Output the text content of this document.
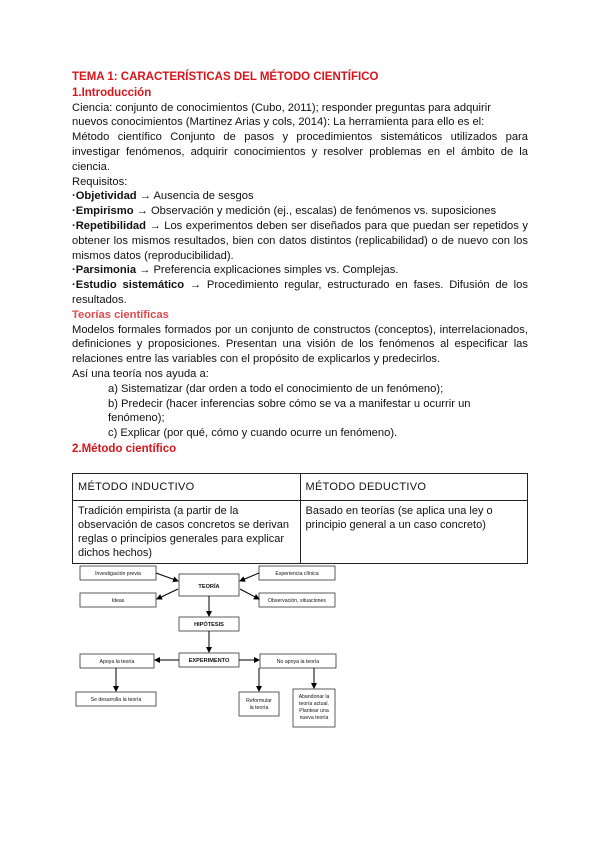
TEMA 1: CARACTERÍSTICAS DEL MÉTODO CIENTÍFICO

1.Introducción

Ciencia: conjunto de conocimientos (Cubo, 2011); responder preguntas para adquirir nuevos conocimientos (Martinez Arias y cols, 2014): La herramienta para ello es el:

Método científico Conjunto de pasos y procedimientos sistemáticos utilizados para investigar fenómenos, adquirir conocimientos y resolver problemas en el ámbito de la ciencia.

Requisitos:

·Objetividad → Ausencia de sesgos

·Empirismo → Observación y medición (ej., escalas) de fenómenos vs. suposiciones

·Repetibilidad → Los experimentos deben ser diseñados para que puedan ser repetidos y obtener los mismos resultados, bien con datos distintos (replicabilidad) o de nuevo con los mismos datos (reproducibilidad).

·Parsimonia → Preferencia explicaciones simples vs. Complejas.

·Estudio sistemático → Procedimiento regular, estructurado en fases. Difusión de los resultados.

Teorías científicas

Modelos formales formados por un conjunto de constructos (conceptos), interrelacionados, definiciones y proposiciones. Presentan una visión de los fenómenos al especificar las relaciones entre las variables con el propósito de explicarlos y predecirlos.

Así una teoría nos ayuda a:

a) Sistematizar (dar orden a todo el conocimiento de un fenómeno);

b) Predecir (hacer inferencias sobre cómo se va a manifestar u ocurrir un fenómeno);

c) Explicar (por qué, cómo y cuando ocurre un fenómeno).

2.Método científico

MÉTODO INDUCTIVO	MÉTODO DEDUCTIVO
Tradición empirista (a partir de la observación de casos concretos se derivan reglas o principios generales para explicar dichos hechos)	Basado en teorías (se aplica una ley o principio general a un caso concreto)
Investigación previa
Ideas
TEORÍA
Experiencia clínica
Observación, situaciones
HIPÓTESIS
EXPERIMENTO
Apoya la teoría	No apoya la teoría
Se desarrolla la teoría	Reformular
la teoría
Abandonar la
teoría actual.
Plantear una
nueva teoría
